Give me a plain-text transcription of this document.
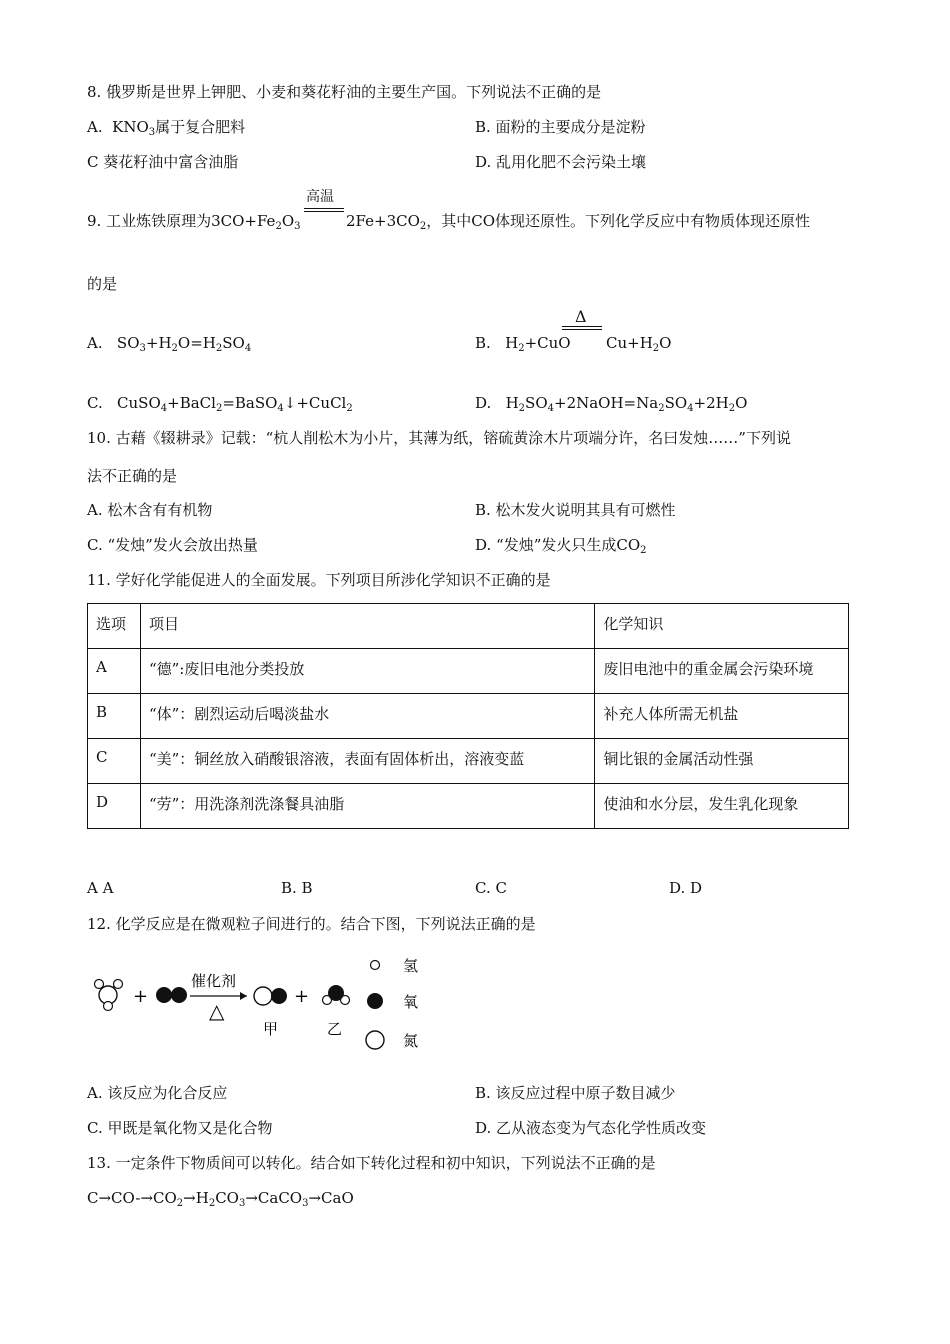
8. 俄罗斯是世界上钾肥、小麦和葵花籽油的主要生产国。下列说法不正确的是
A. $KNO_3$属于复合肥料	B. 面粉的主要成分是淀粉
C 葵花籽油中富含油脂	D. 乱用化肥不会污染土壤
高温
9. 工业炼铁原理为$3CO+Fe_2O_3$	$2Fe+3CO_2$，其中CO体现还原性。下列化学反应中有物质体现还原性
的是
A. $SO_3+H_2O=H_2SO_4$
Δ
B. $H_2+CuO$ $Cu+H_2O$
C. CuSO$_4$+BaCl$_2$=BaSO$_4$↓+CuCl$_2$	D. $H_2SO_4+2NaOH=Na_2SO_4+2H_2O$
10. 古藉《辍耕录》记载：“杭人削松木为小片，其薄为纸，镕硫黄涂木片项端分许，名曰发烛……”下列说
法不正确的是
A. 松木含有有机物	B. 松木发火说明其具有可燃性
C. “发烛”发火会放出热量	D. “发烛”发火只生成$CO_2$
11. 学好化学能促进人的全面发展。下列项目所涉化学知识不正确的是
选项	项目	化学知识
A	“德”:废旧电池分类投放	废旧电池中的重金属会污染环境
B	“体”：剧烈运动后喝淡盐水	补充人体所需无机盐
C	“美”：铜丝放入硝酸银溶液，表面有固体析出，溶液变蓝	铜比银的金属活动性强
D	“劳”：用洗涤剂洗涤餐具油脂	使油和水分层，发生乳化现象
A A	B. B	C. C	D. D
12. 化学反应是在微观粒子间进行的。结合下图，下列说法正确的是
+
催化剂
△
甲
+
乙
氢
氧
氮
A. 该反应为化合反应	B. 该反应过程中原子数目减少
C. 甲既是氧化物又是化合物	D. 乙从液态变为气态化学性质改变
13. 一定条件下物质间可以转化。结合如下转化过程和初中知识，下列说法不正确的是
$C\to CO-\to CO_2\to H_2CO_3\to CaCO_3\to CaO$
